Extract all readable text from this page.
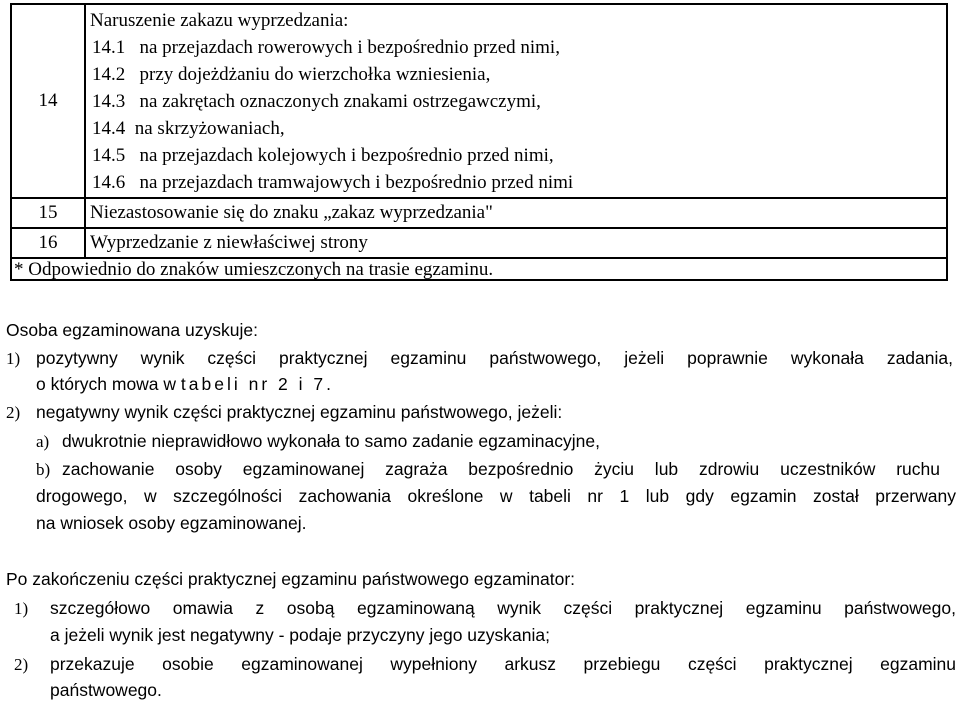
14
Naruszenie zakazu wyprzedzania:
14.1 na przejazdach rowerowych i bezpośrednio przed nimi,
14.2 przy dojeżdżaniu do wierzchołka wzniesienia,
14.3 na zakrętach oznaczonych znakami ostrzegawczymi,
14.4 na skrzyżowaniach,
14.5 na przejazdach kolejowych i bezpośrednio przed nimi,
14.6 na przejazdach tramwajowych i bezpośrednio przed nimi
15	Niezastosowanie się do znaku „zakaz wyprzedzania"
16	Wyprzedzanie z niewłaściwej strony
* Odpowiednio do znaków umieszczonych na trasie egzaminu.
Osoba egzaminowana uzyskuje:
1) pozytywny wynik części praktycznej egzaminu państwowego, jeżeli poprawnie wykonała zadania,
o których mowa w tabeli nr 2 i 7.
2) negatywny wynik części praktycznej egzaminu państwowego, jeżeli:
a) dwukrotnie nieprawidłowo wykonała to samo zadanie egzaminacyjne,
b) zachowanie osoby egzaminowanej zagraża bezpośrednio życiu lub zdrowiu uczestników ruchu
drogowego, w szczególności zachowania określone w tabeli nr 1 lub gdy egzamin został przerwany
na wniosek osoby egzaminowanej.
Po zakończeniu części praktycznej egzaminu państwowego egzaminator:
1) szczegółowo omawia z osobą egzaminowaną wynik części praktycznej egzaminu państwowego,
a jeżeli wynik jest negatywny - podaje przyczyny jego uzyskania;
2) przekazuje osobie egzaminowanej wypełniony arkusz przebiegu części praktycznej egzaminu
państwowego.
